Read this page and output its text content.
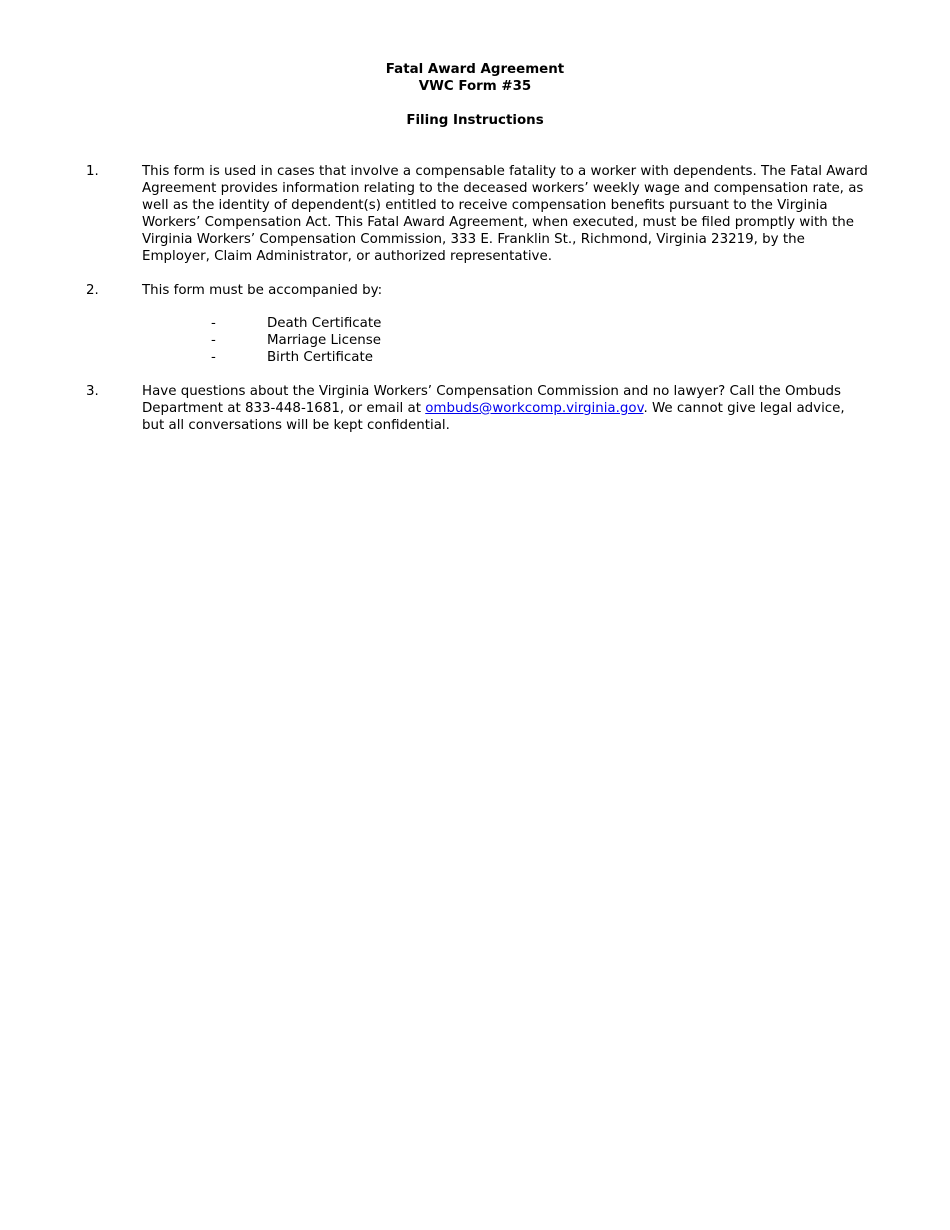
Fatal Award Agreement
VWC Form #35
Filing Instructions
1.	This form is used in cases that involve a compensable fatality to a worker with dependents. The Fatal Award Agreement provides information relating to the deceased workers’ weekly wage and compensation rate, as well as the identity of dependent(s) entitled to receive compensation benefits pursuant to the Virginia Workers’ Compensation Act. This Fatal Award Agreement, when executed, must be filed promptly with the Virginia Workers’ Compensation Commission, 333 E. Franklin St., Richmond, Virginia 23219, by the Employer, Claim Administrator, or authorized representative.
2.	This form must be accompanied by:
-	Death Certificate
-	Marriage License
-	Birth Certificate
3.	Have questions about the Virginia Workers’ Compensation Commission and no lawyer? Call the Ombuds Department at 833-448-1681, or email at ombuds@workcomp.virginia.gov. We cannot give legal advice, but all conversations will be kept confidential.
